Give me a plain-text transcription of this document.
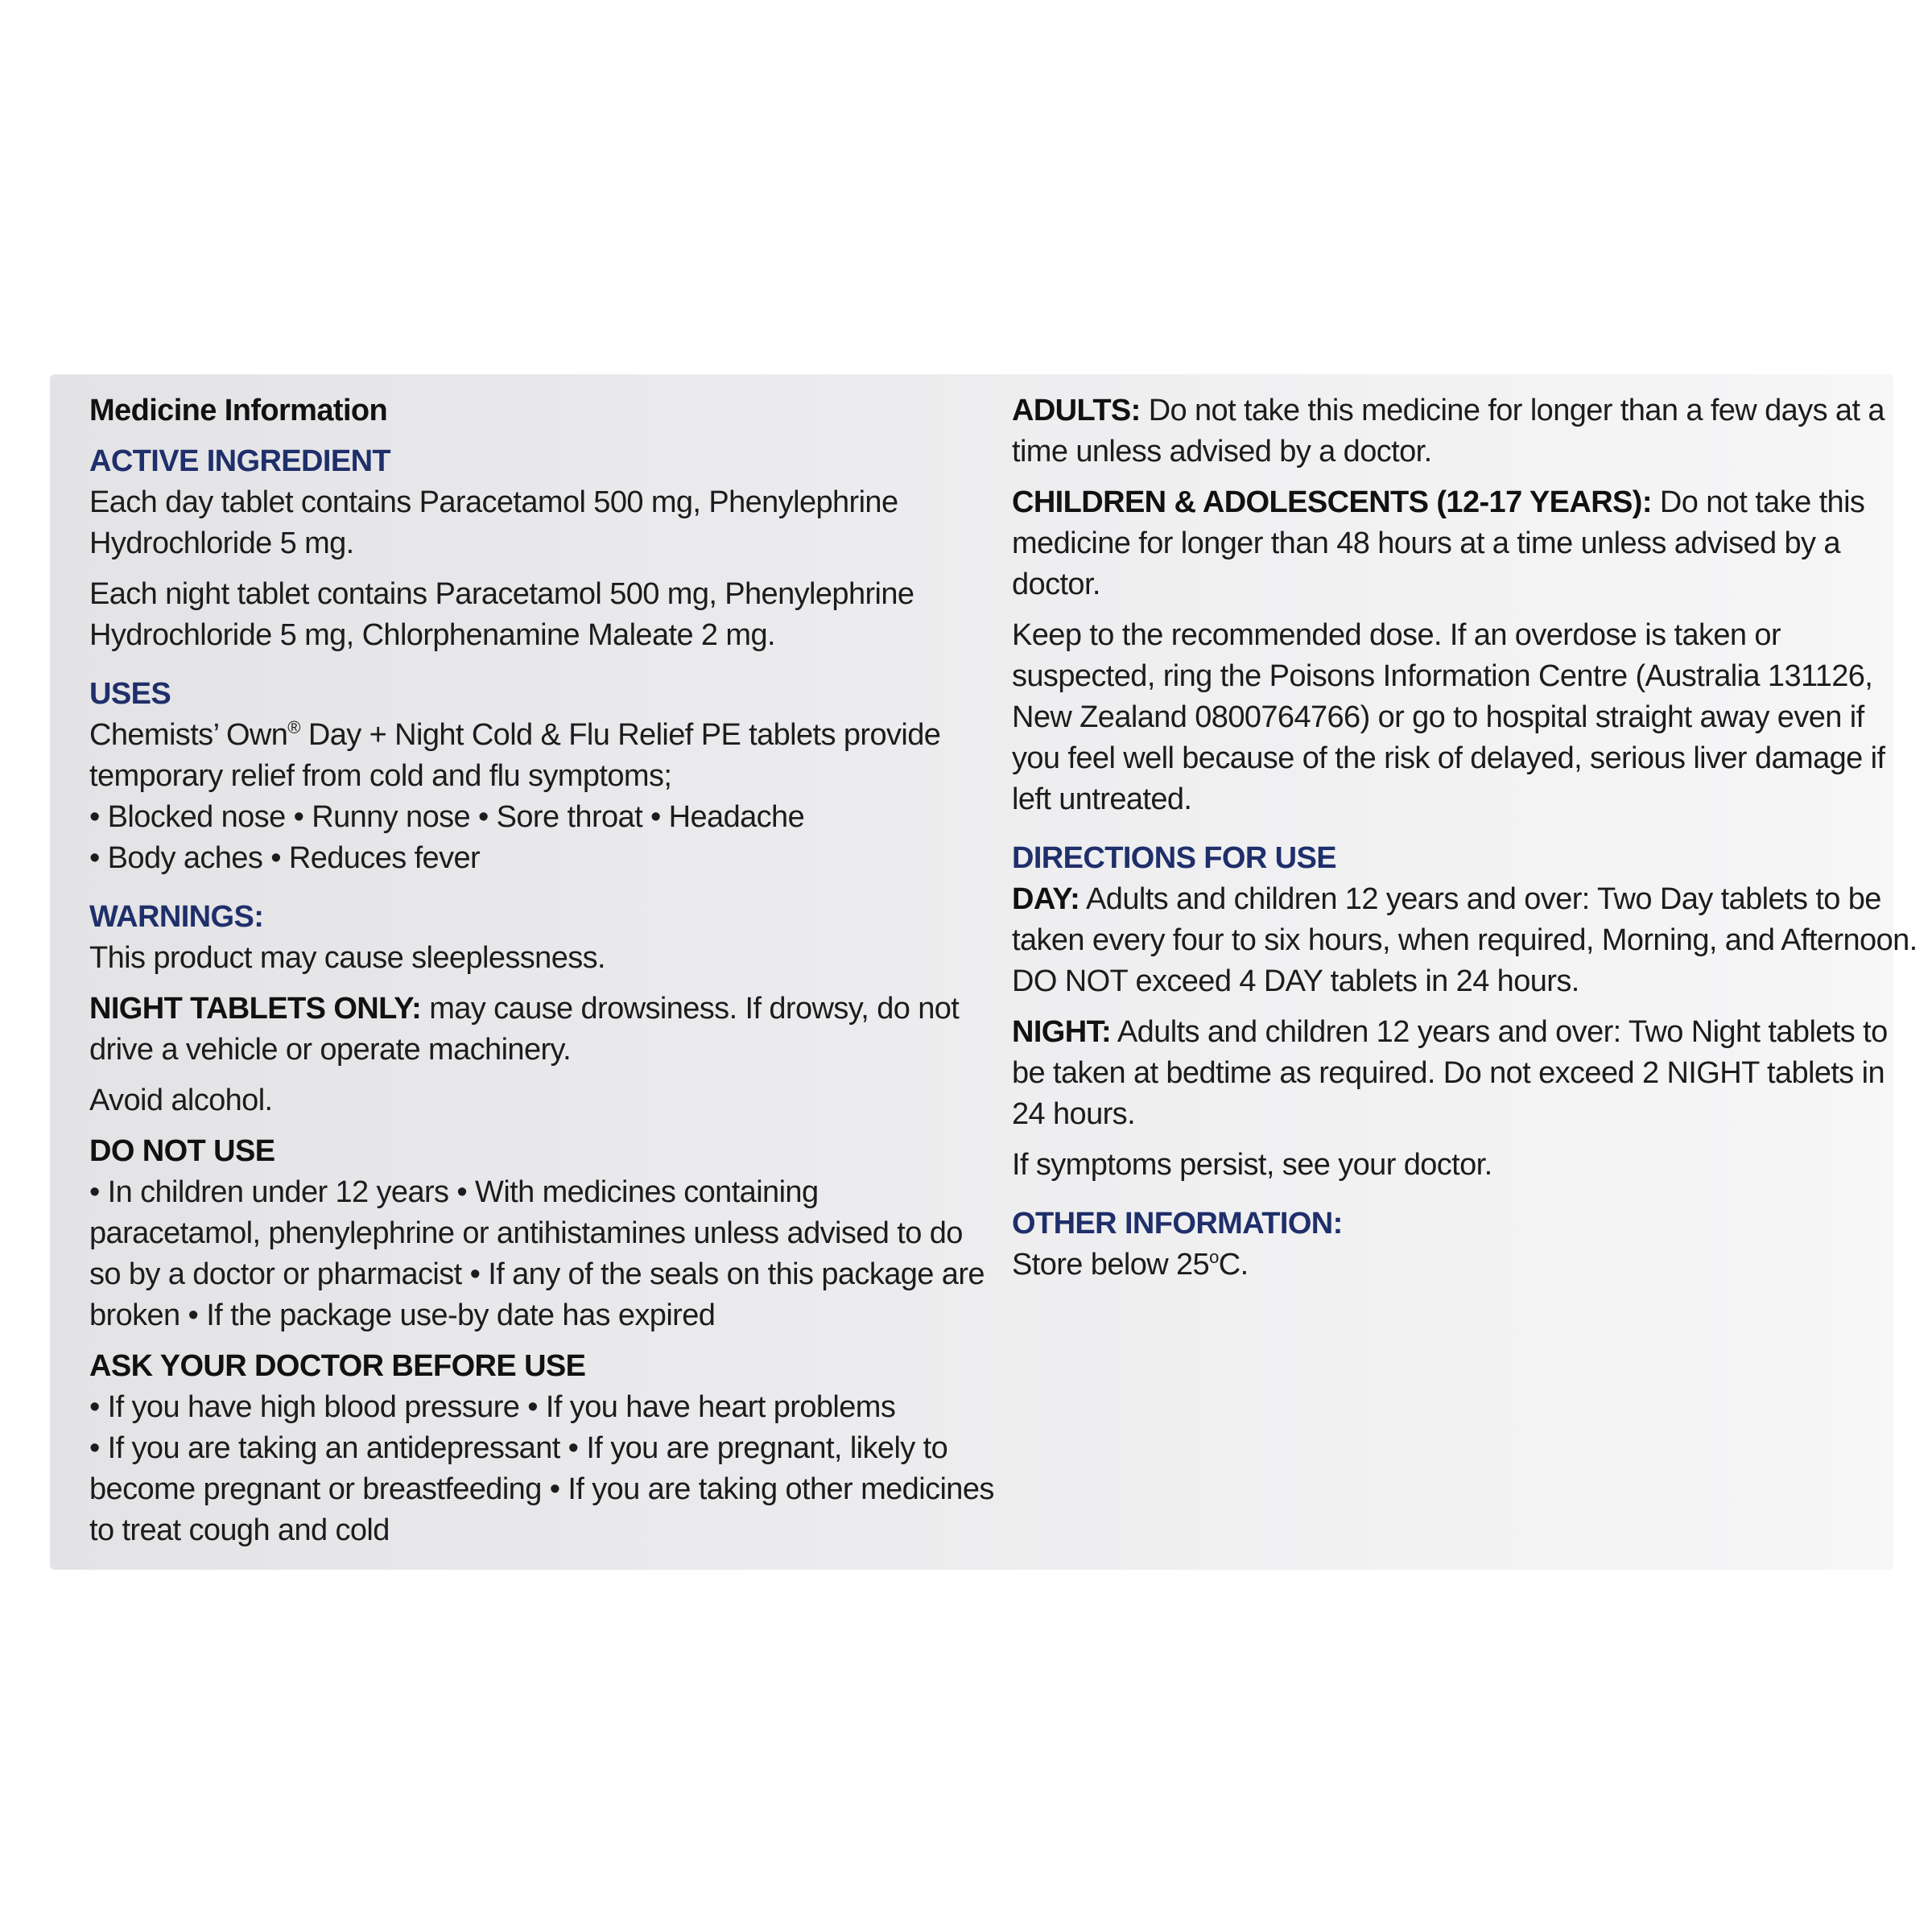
Medicine Information

ACTIVE INGREDIENT

Each day tablet contains Paracetamol 500 mg, Phenylephrine Hydrochloride 5 mg.

Each night tablet contains Paracetamol 500 mg, Phenylephrine Hydrochloride 5 mg, Chlorphenamine Maleate 2 mg.

USES

Chemists’ Own® Day + Night Cold & Flu Relief PE tablets provide temporary relief from cold and flu symptoms;

• Blocked nose • Runny nose • Sore throat • Headache

• Body aches • Reduces fever

WARNINGS:

This product may cause sleeplessness.

NIGHT TABLETS ONLY: may cause drowsiness. If drowsy, do not drive a vehicle or operate machinery.

Avoid alcohol.

DO NOT USE

• In children under 12 years • With medicines containing paracetamol, phenylephrine or antihistamines unless advised to do so by a doctor or pharmacist • If any of the seals on this package are broken • If the package use-by date has expired

ASK YOUR DOCTOR BEFORE USE

• If you have high blood pressure • If you have heart problems

• If you are taking an antidepressant • If you are pregnant, likely to become pregnant or breastfeeding • If you are taking other medicines to treat cough and cold

ADULTS: Do not take this medicine for longer than a few days at a time unless advised by a doctor.

CHILDREN & ADOLESCENTS (12-17 YEARS): Do not take this medicine for longer than 48 hours at a time unless advised by a doctor.

Keep to the recommended dose. If an overdose is taken or suspected, ring the Poisons Information Centre (Australia 131126, New Zealand 0800764766) or go to hospital straight away even if you feel well because of the risk of delayed, serious liver damage if left untreated.

DIRECTIONS FOR USE

DAY: Adults and children 12 years and over: Two Day tablets to be taken every four to six hours, when required, Morning, and Afternoon. DO NOT exceed 4 DAY tablets in 24 hours.

NIGHT: Adults and children 12 years and over: Two Night tablets to be taken at bedtime as required. Do not exceed 2 NIGHT tablets in 24 hours.

If symptoms persist, see your doctor.

OTHER INFORMATION:

Store below 25$^o$C.
